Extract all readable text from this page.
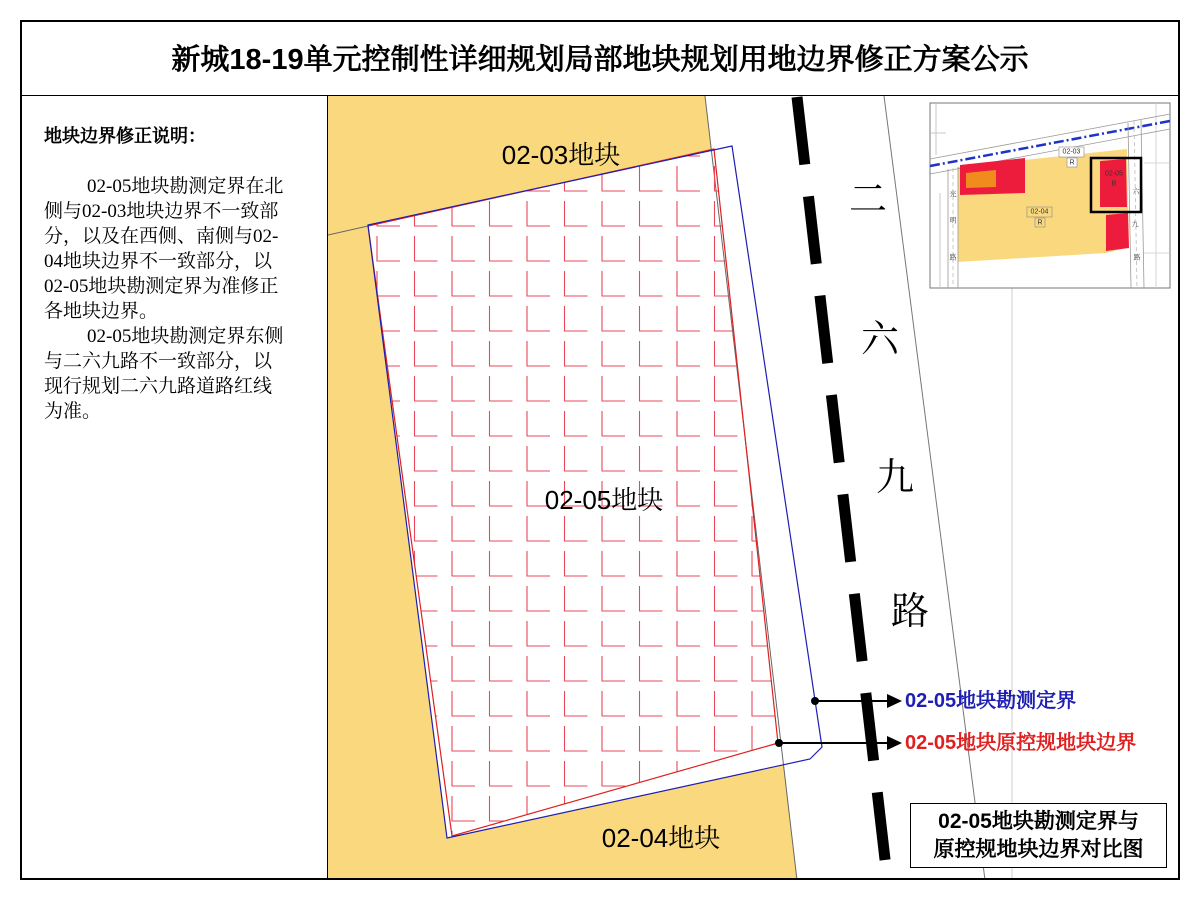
新城18-19单元控制性详细规划局部地块规划用地边界修正方案公示
地块边界修正说明：
02-05地块勘测定界在北
侧与02-03地块边界不一致部
分，以及在西侧、南侧与02-
04地块边界不一致部分，以
02-05地块勘测定界为准修正
各地块边界。
02-05地块勘测定界东侧
与二六九路不一致部分，以
现行规划二六九路道路红线
为准。
二
六
九
路
02-03地块
02-05地块
02-04地块
02-05地块勘测定界
02-05地块原控规地块边界
02-03
R
02-04
R
02-05
B
光
明
路
六
九
路
02-05地块勘测定界与
原控规地块边界对比图
